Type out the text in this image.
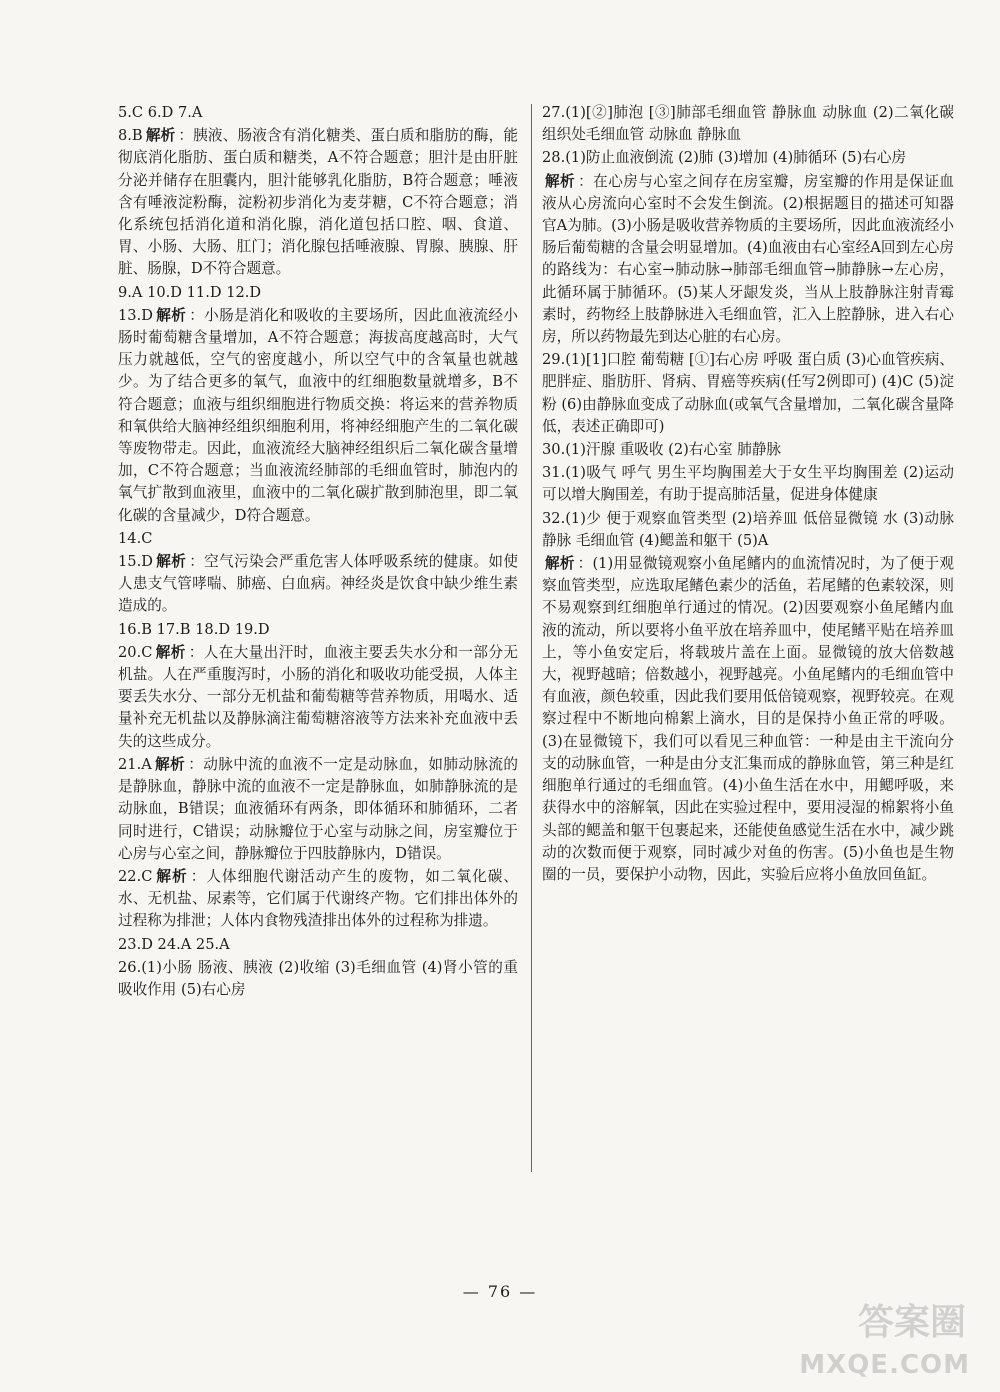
5.C 6.D 7.A

8.B 解析 ：胰液、肠液含有消化糖类、蛋白质和脂肪的酶，能彻底消化脂肪、蛋白质和糖类，A不符合题意；胆汁是由肝脏分泌并储存在胆囊内，胆汁能够乳化脂肪，B符合题意；唾液含有唾液淀粉酶，淀粉初步消化为麦芽糖，C不符合题意；消化系统包括消化道和消化腺，消化道包括口腔、咽、食道、胃、小肠、大肠、肛门；消化腺包括唾液腺、胃腺、胰腺、肝脏、肠腺，D不符合题意。

9.A 10.D 11.D 12.D

13.D 解析 ：小肠是消化和吸收的主要场所，因此血液流经小肠时葡萄糖含量增加，A不符合题意；海拔高度越高时，大气压力就越低，空气的密度越小，所以空气中的含氧量也就越少。为了结合更多的氧气，血液中的红细胞数量就增多，B不符合题意；血液与组织细胞进行物质交换：将运来的营养物质和氧供给大脑神经组织细胞利用，将神经细胞产生的二氧化碳等废物带走。因此，血液流经大脑神经组织后二氧化碳含量增加，C不符合题意；当血液流经肺部的毛细血管时，肺泡内的氧气扩散到血液里，血液中的二氧化碳扩散到肺泡里，即二氧化碳的含量减少，D符合题意。

14.C

15.D 解析 ：空气污染会严重危害人体呼吸系统的健康。如使人患支气管哮喘、肺癌、白血病。神经炎是饮食中缺少维生素造成的。

16.B 17.B 18.D 19.D

20.C 解析 ：人在大量出汗时，血液主要丢失水分和一部分无机盐。人在严重腹泻时，小肠的消化和吸收功能受损，人体主要丢失水分、一部分无机盐和葡萄糖等营养物质，用喝水、适量补充无机盐以及静脉滴注葡萄糖溶液等方法来补充血液中丢失的这些成分。

21.A 解析 ：动脉中流的血液不一定是动脉血，如肺动脉流的是静脉血，静脉中流的血液不一定是静脉血，如肺静脉流的是动脉血，B错误；血液循环有两条，即体循环和肺循环，二者同时进行，C错误；动脉瓣位于心室与动脉之间，房室瓣位于心房与心室之间，静脉瓣位于四肢静脉内，D错误。

22.C 解析 ：人体细胞代谢活动产生的废物，如二氧化碳、水、无机盐、尿素等，它们属于代谢终产物。它们排出体外的过程称为排泄；人体内食物残渣排出体外的过程称为排遗。

23.D 24.A 25.A

26.(1)小肠 肠液、胰液 (2)收缩 (3)毛细血管 (4)肾小管的重吸收作用 (5)右心房

27.(1)[②]肺泡 [③]肺部毛细血管 静脉血 动脉血 (2)二氧化碳 组织处毛细血管 动脉血 静脉血

28.(1)防止血液倒流 (2)肺 (3)增加 (4)肺循环 (5)右心房

解析 ：在心房与心室之间存在房室瓣，房室瓣的作用是保证血液从心房流向心室时不会发生倒流。(2)根据题目的描述可知器官A为肺。(3)小肠是吸收营养物质的主要场所，因此血液流经小肠后葡萄糖的含量会明显增加。(4)血液由右心室经A回到左心房的路线为：右心室→肺动脉→肺部毛细血管→肺静脉→左心房，此循环属于肺循环。(5)某人牙龈发炎，当从上肢静脉注射青霉素时，药物经上肢静脉进入毛细血管，汇入上腔静脉，进入右心房，所以药物最先到达心脏的右心房。

29.(1)[1]口腔 葡萄糖 [①]右心房 呼吸 蛋白质 (3)心血管疾病、肥胖症、脂肪肝、肾病、胃癌等疾病(任写2例即可) (4)C (5)淀粉 (6)由静脉血变成了动脉血(或氧气含量增加，二氧化碳含量降低，表述正确即可)

30.(1)汗腺 重吸收 (2)右心室 肺静脉

31.(1)吸气 呼气 男生平均胸围差大于女生平均胸围差 (2)运动可以增大胸围差，有助于提高肺活量，促进身体健康

32.(1)少 便于观察血管类型 (2)培养皿 低倍显微镜 水 (3)动脉 静脉 毛细血管 (4)鳃盖和躯干 (5)A

解析 ：(1)用显微镜观察小鱼尾鳍内的血流情况时，为了便于观察血管类型，应选取尾鳍色素少的活鱼，若尾鳍的色素较深，则不易观察到红细胞单行通过的情况。(2)因要观察小鱼尾鳍内血液的流动，所以要将小鱼平放在培养皿中，使尾鳍平贴在培养皿上，等小鱼安定后，将载玻片盖在上面。显微镜的放大倍数越大，视野越暗；倍数越小，视野越亮。小鱼尾鳍内的毛细血管中有血液，颜色较重，因此我们要用低倍镜观察，视野较亮。在观察过程中不断地向棉絮上滴水，目的是保持小鱼正常的呼吸。(3)在显微镜下，我们可以看见三种血管：一种是由主干流向分支的动脉血管，一种是由分支汇集而成的静脉血管，第三种是红细胞单行通过的毛细血管。(4)小鱼生活在水中，用鳃呼吸，来获得水中的溶解氧，因此在实验过程中，要用浸湿的棉絮将小鱼头部的鳃盖和躯干包裹起来，还能使鱼感觉生活在水中，减少跳动的次数而便于观察，同时减少对鱼的伤害。(5)小鱼也是生物圈的一员，要保护小动物，因此，实验后应将小鱼放回鱼缸。

— 76 —
答案圈
MXQE.COM
